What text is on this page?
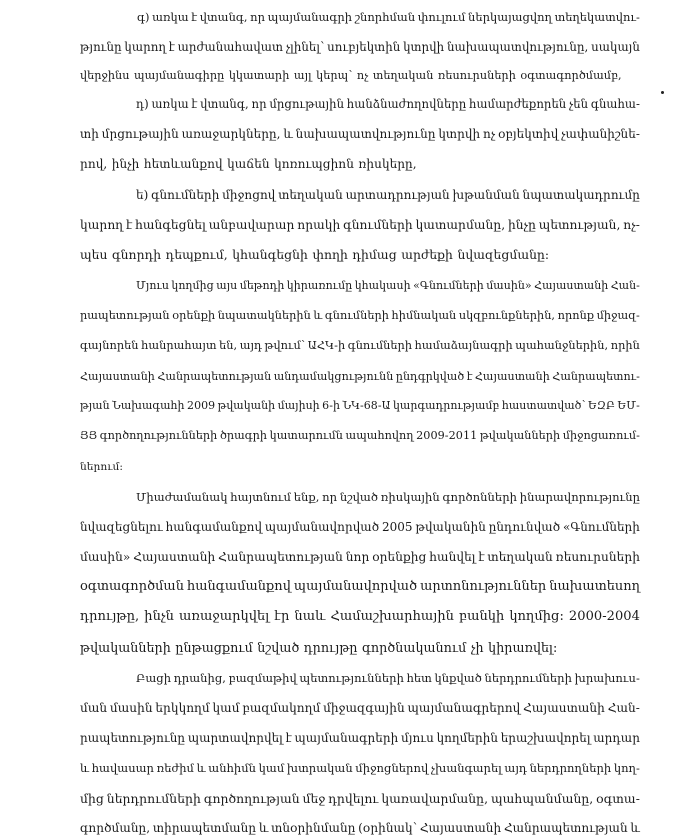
գ) առկա է վտանգ, որ պայմանագրի շնորհման փուլում ներկայացվող տեղեկատվու-
թյունը կարող է արժանահավատ չլինել՝ սուբյեկտին կտրվի նախապատվությունը, սակայն
վերջինս պայմանագիրը կկատարի այլ կերպ՝ ոչ տեղական ռեսուրսների օգտագործմամբ,
դ) առկա է վտանգ, որ մրցութային հանձնաժողովները համարժեքորեն չեն գնահա-
տի մրցութային առաջարկները, և նախապատվությունը կտրվի ոչ օբյեկտիվ չափանիշնե-
րով, ինչի հետևանքով կաճեն կոռուպցիոն ռիսկերը,
ե) գնումների միջոցով տեղական արտադրության խթանման նպատակադրումը
կարող է հանգեցնել անբավարար որակի գնումների կատարմանը, ինչը պետության, ոչ-
պես գնորդի դեպքում, կհանգեցնի փողի դիմաց արժեքի նվազեցմանը:
Մյուս կողմից այս մեթոդի կիրառումը կհակասի «Գնումների մասին» Հայաստանի Հան-
րապետության օրենքի նպատակներին և գնումների հիմնական սկզբունքներին, որոնք միջազ-
գայնորեն հանրահայտ են, այդ թվում՝ ԱՀԿ-ի գնումների համաձայնագրի պահանջներին, որին
Հայաստանի Հանրապետության անդամակցությունն ընդգրկված է Հայաստանի Հանրապետու-
թյան Նախագահի 2009 թվականի մայիսի 6-ի ՆԿ-68-Ա կարգադրությամբ հաստատված՝ ԵԶԲ ԵՄ-
ՅՅ գործողությունների ծրագրի կատարումն ապահովող 2009-2011 թվականների միջոցառում-
ներում:
Միաժամանակ հայտնում ենք, որ նշված ռիսկային գործոնների ինարավորությունը
նվազեցնելու հանգամանքով պայմանավորված 2005 թվականին ընդունված «Գնումների
մասին» Հայաստանի Հանրապետության նոր օրենքից հանվել է տեղական ռեսուրսների
օգտագործման հանգամանքով պայմանավորված արտոնություններ նախատեսող
դրույթը, ինչն առաջարկվել էր նաև Համաշխարհային բանկի կողմից: 2000-2004
թվականների ընթացքում նշված դրույթը գործնականում չի կիրառվել:
Բացի դրանից, բազմաթիվ պետությունների հետ կնքված ներդրումների խրախուս-
ման մասին երկկողմ կամ բազմակողմ միջազգային պայմանագրերով Հայաստանի Հան-
րապետությունը պարտավորվել է պայմանագրերի մյուս կողմերին երաշխավորել արդար
և հավասար ռեժիմ և անհիմն կամ խտրական միջոցներով չխանգարել այդ ներդրողների կող-
մից ներդրումների գործողության մեջ դրվելու կառավարմանը, պահպանմանը, օգտա-
գործմանը, տիրապետմանը և տնօրինմանը (օրինակ՝ Հայաստանի Հանրապետության և
